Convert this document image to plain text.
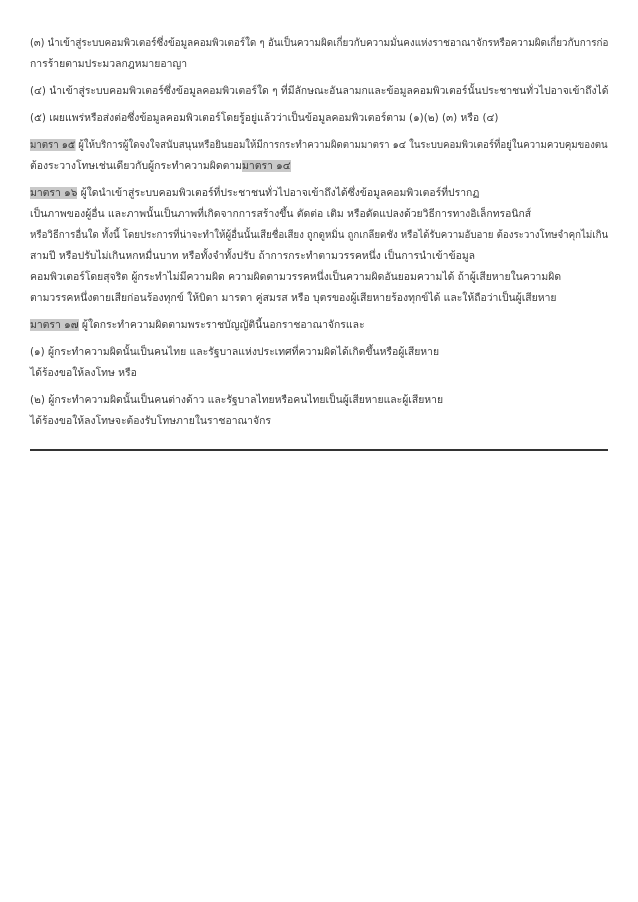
(๓) นำเข้าสู่ระบบคอมพิวเตอร์ซึ่งข้อมูลคอมพิวเตอร์ใด ๆ อันเป็นความผิดเกี่ยวกับความมั่นคงแห่งราชอาณาจักรหรือความผิดเกี่ยวกับการก่อ
การร้ายตามประมวลกฎหมายอาญา
(๔) นำเข้าสู่ระบบคอมพิวเตอร์ซึ่งข้อมูลคอมพิวเตอร์ใด ๆ ที่มีลักษณะอันลามกและข้อมูลคอมพิวเตอร์นั้นประชาชนทั่วไปอาจเข้าถึงได้
(๕) เผยแพร่หรือส่งต่อซึ่งข้อมูลคอมพิวเตอร์โดยรู้อยู่แล้วว่าเป็นข้อมูลคอมพิวเตอร์ตาม (๑)(๒) (๓) หรือ (๔)
มาตรา ๑๕ ผู้ให้บริการผู้ใดจงใจสนับสนุนหรือยินยอมให้มีการกระทำความผิดตามมาตรา ๑๔ ในระบบคอมพิวเตอร์ที่อยู่ในความควบคุมของตน
ต้องระวางโทษเช่นเดียวกับผู้กระทำความผิดตามมาตรา ๑๔
มาตรา ๑๖ ผู้ใดนำเข้าสู่ระบบคอมพิวเตอร์ที่ประชาชนทั่วไปอาจเข้าถึงได้ซึ่งข้อมูลคอมพิวเตอร์ที่ปรากฏ
เป็นภาพของผู้อื่น และภาพนั้นเป็นภาพที่เกิดจากการสร้างขึ้น ตัดต่อ เติม หรือดัดแปลงด้วยวิธีการทางอิเล็กทรอนิกส์
หรือวิธีการอื่นใด ทั้งนี้ โดยประการที่น่าจะทำให้ผู้อื่นนั้นเสียชื่อเสียง ถูกดูหมิ่น ถูกเกลียดชัง หรือได้รับความอับอาย ต้องระวางโทษจำคุกไม่เกิน
สามปี หรือปรับไม่เกินหกหมื่นบาท หรือทั้งจำทั้งปรับ ถ้าการกระทำตามวรรคหนึ่ง เป็นการนำเข้าข้อมูล
คอมพิวเตอร์โดยสุจริต ผู้กระทำไม่มีความผิด ความผิดตามวรรคหนึ่งเป็นความผิดอันยอมความได้ ถ้าผู้เสียหายในความผิด
ตามวรรคหนึ่งตายเสียก่อนร้องทุกข์ ให้บิดา มารดา คู่สมรส หรือ บุตรของผู้เสียหายร้องทุกข์ได้ และให้ถือว่าเป็นผู้เสียหาย
มาตรา ๑๗ ผู้ใดกระทำความผิดตามพระราชบัญญัตินี้นอกราชอาณาจักรและ
(๑) ผู้กระทำความผิดนั้นเป็นคนไทย และรัฐบาลแห่งประเทศที่ความผิดได้เกิดขึ้นหรือผู้เสียหาย
ได้ร้องขอให้ลงโทษ หรือ
(๒) ผู้กระทำความผิดนั้นเป็นคนต่างด้าว และรัฐบาลไทยหรือคนไทยเป็นผู้เสียหายและผู้เสียหาย
ได้ร้องขอให้ลงโทษจะต้องรับโทษภายในราชอาณาจักร
